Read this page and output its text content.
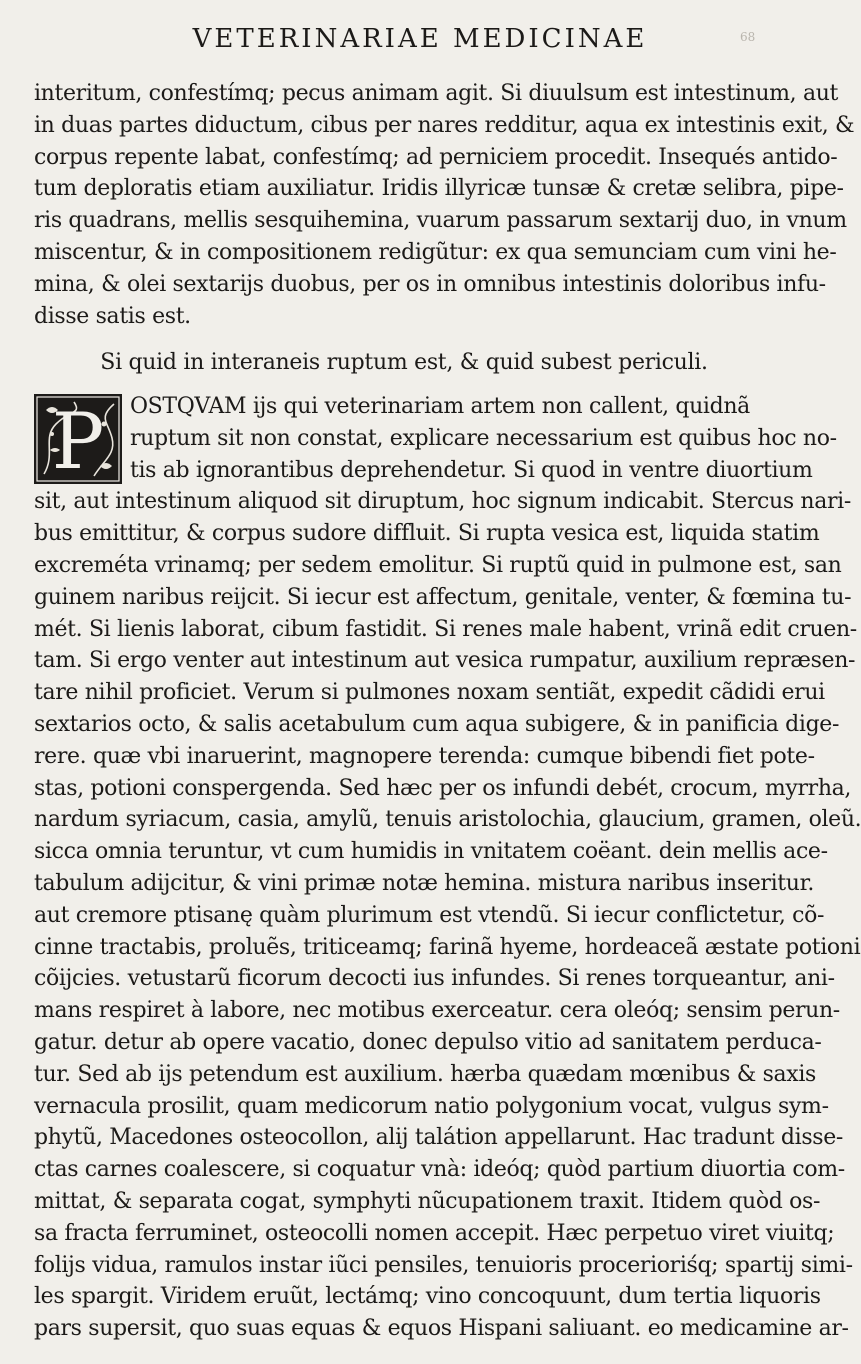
68
VETERINARIAE MEDICINAE
interitum, confestímq; pecus animam agit. Si diuulsum est intestinum, aut
in duas partes diductum, cibus per nares redditur, aqua ex intestinis exit, &
corpus repente labat, confestímq; ad perniciem procedit. Insequés antido-
tum deploratis etiam auxiliatur. Iridis illyricæ tunsæ & cretæ selibra, pipe-
ris quadrans, mellis sesquihemina, vuarum passarum sextarij duo, in vnum
miscentur, & in compositionem redigũtur: ex qua semunciam cum vini he-
mina, & olei sextarijs duobus, per os in omnibus intestinis doloribus infu-
disse satis est.

Si quid in interaneis ruptum est, & quid subest periculi.
P	OSTQVAM ijs qui veterinariam artem non callent, quidnã
ruptum sit non constat, explicare necessarium est quibus hoc no-
tis ab ignorantibus deprehendetur. Si quod in ventre diuortium
sit, aut intestinum aliquod sit diruptum, hoc signum indicabit. Stercus nari-
bus emittitur, & corpus sudore diffluit. Si rupta vesica est, liquida statim
excreméta vrinamq; per sedem emolitur. Si ruptũ quid in pulmone est, san
guinem naribus reijcit. Si iecur est affectum, genitale, venter, & fœmina tu-
mét. Si lienis laborat, cibum fastidit. Si renes male habent, vrinã edit cruen-
tam. Si ergo venter aut intestinum aut vesica rumpatur, auxilium repræsen-
tare nihil proficiet. Verum si pulmones noxam sentiãt, expedit cãdidi erui
sextarios octo, & salis acetabulum cum aqua subigere, & in panificia dige-
rere. quæ vbi inaruerint, magnopere terenda: cumque bibendi fiet pote-
stas, potioni conspergenda. Sed hæc per os infundi debét, crocum, myrrha,
nardum syriacum, casia, amylũ, tenuis aristolochia, glaucium, gramen, oleũ.
sicca omnia teruntur, vt cum humidis in vnitatem coëant. dein mellis ace-
tabulum adijcitur, & vini primæ notæ hemina. mistura naribus inseritur.
aut cremore ptisanę quàm plurimum est vtendũ. Si iecur conflictetur, cõ-
cinne tractabis, proluẽs, triticeamq; farinã hyeme, hordeaceã æstate potioni
cõijcies. vetustarũ ficorum decocti ius infundes. Si renes torqueantur, ani-
mans respiret à labore, nec motibus exerceatur. cera oleóq; sensim perun-
gatur. detur ab opere vacatio, donec depulso vitio ad sanitatem perduca-
tur. Sed ab ijs petendum est auxilium. hærba quædam mœnibus & saxis
vernacula prosilit, quam medicorum natio polygonium vocat, vulgus sym-
phytũ, Macedones osteocollon, alij talátion appellarunt. Hac tradunt disse-
ctas carnes coalescere, si coquatur vnà: ideóq; quòd partium diuortia com-
mittat, & separata cogat, symphyti nũcupationem traxit. Itidem quòd os-
sa fracta ferruminet, osteocolli nomen accepit. Hæc perpetuo viret viuitq;
folijs vidua, ramulos instar iũci pensiles, tenuioris procerioriśq; spartij simi-
les spargit. Viridem eruũt, lectámq; vino concoquunt, dum tertia liquoris
pars supersit, quo suas equas & equos Hispani saliuant. eo medicamine ar-
